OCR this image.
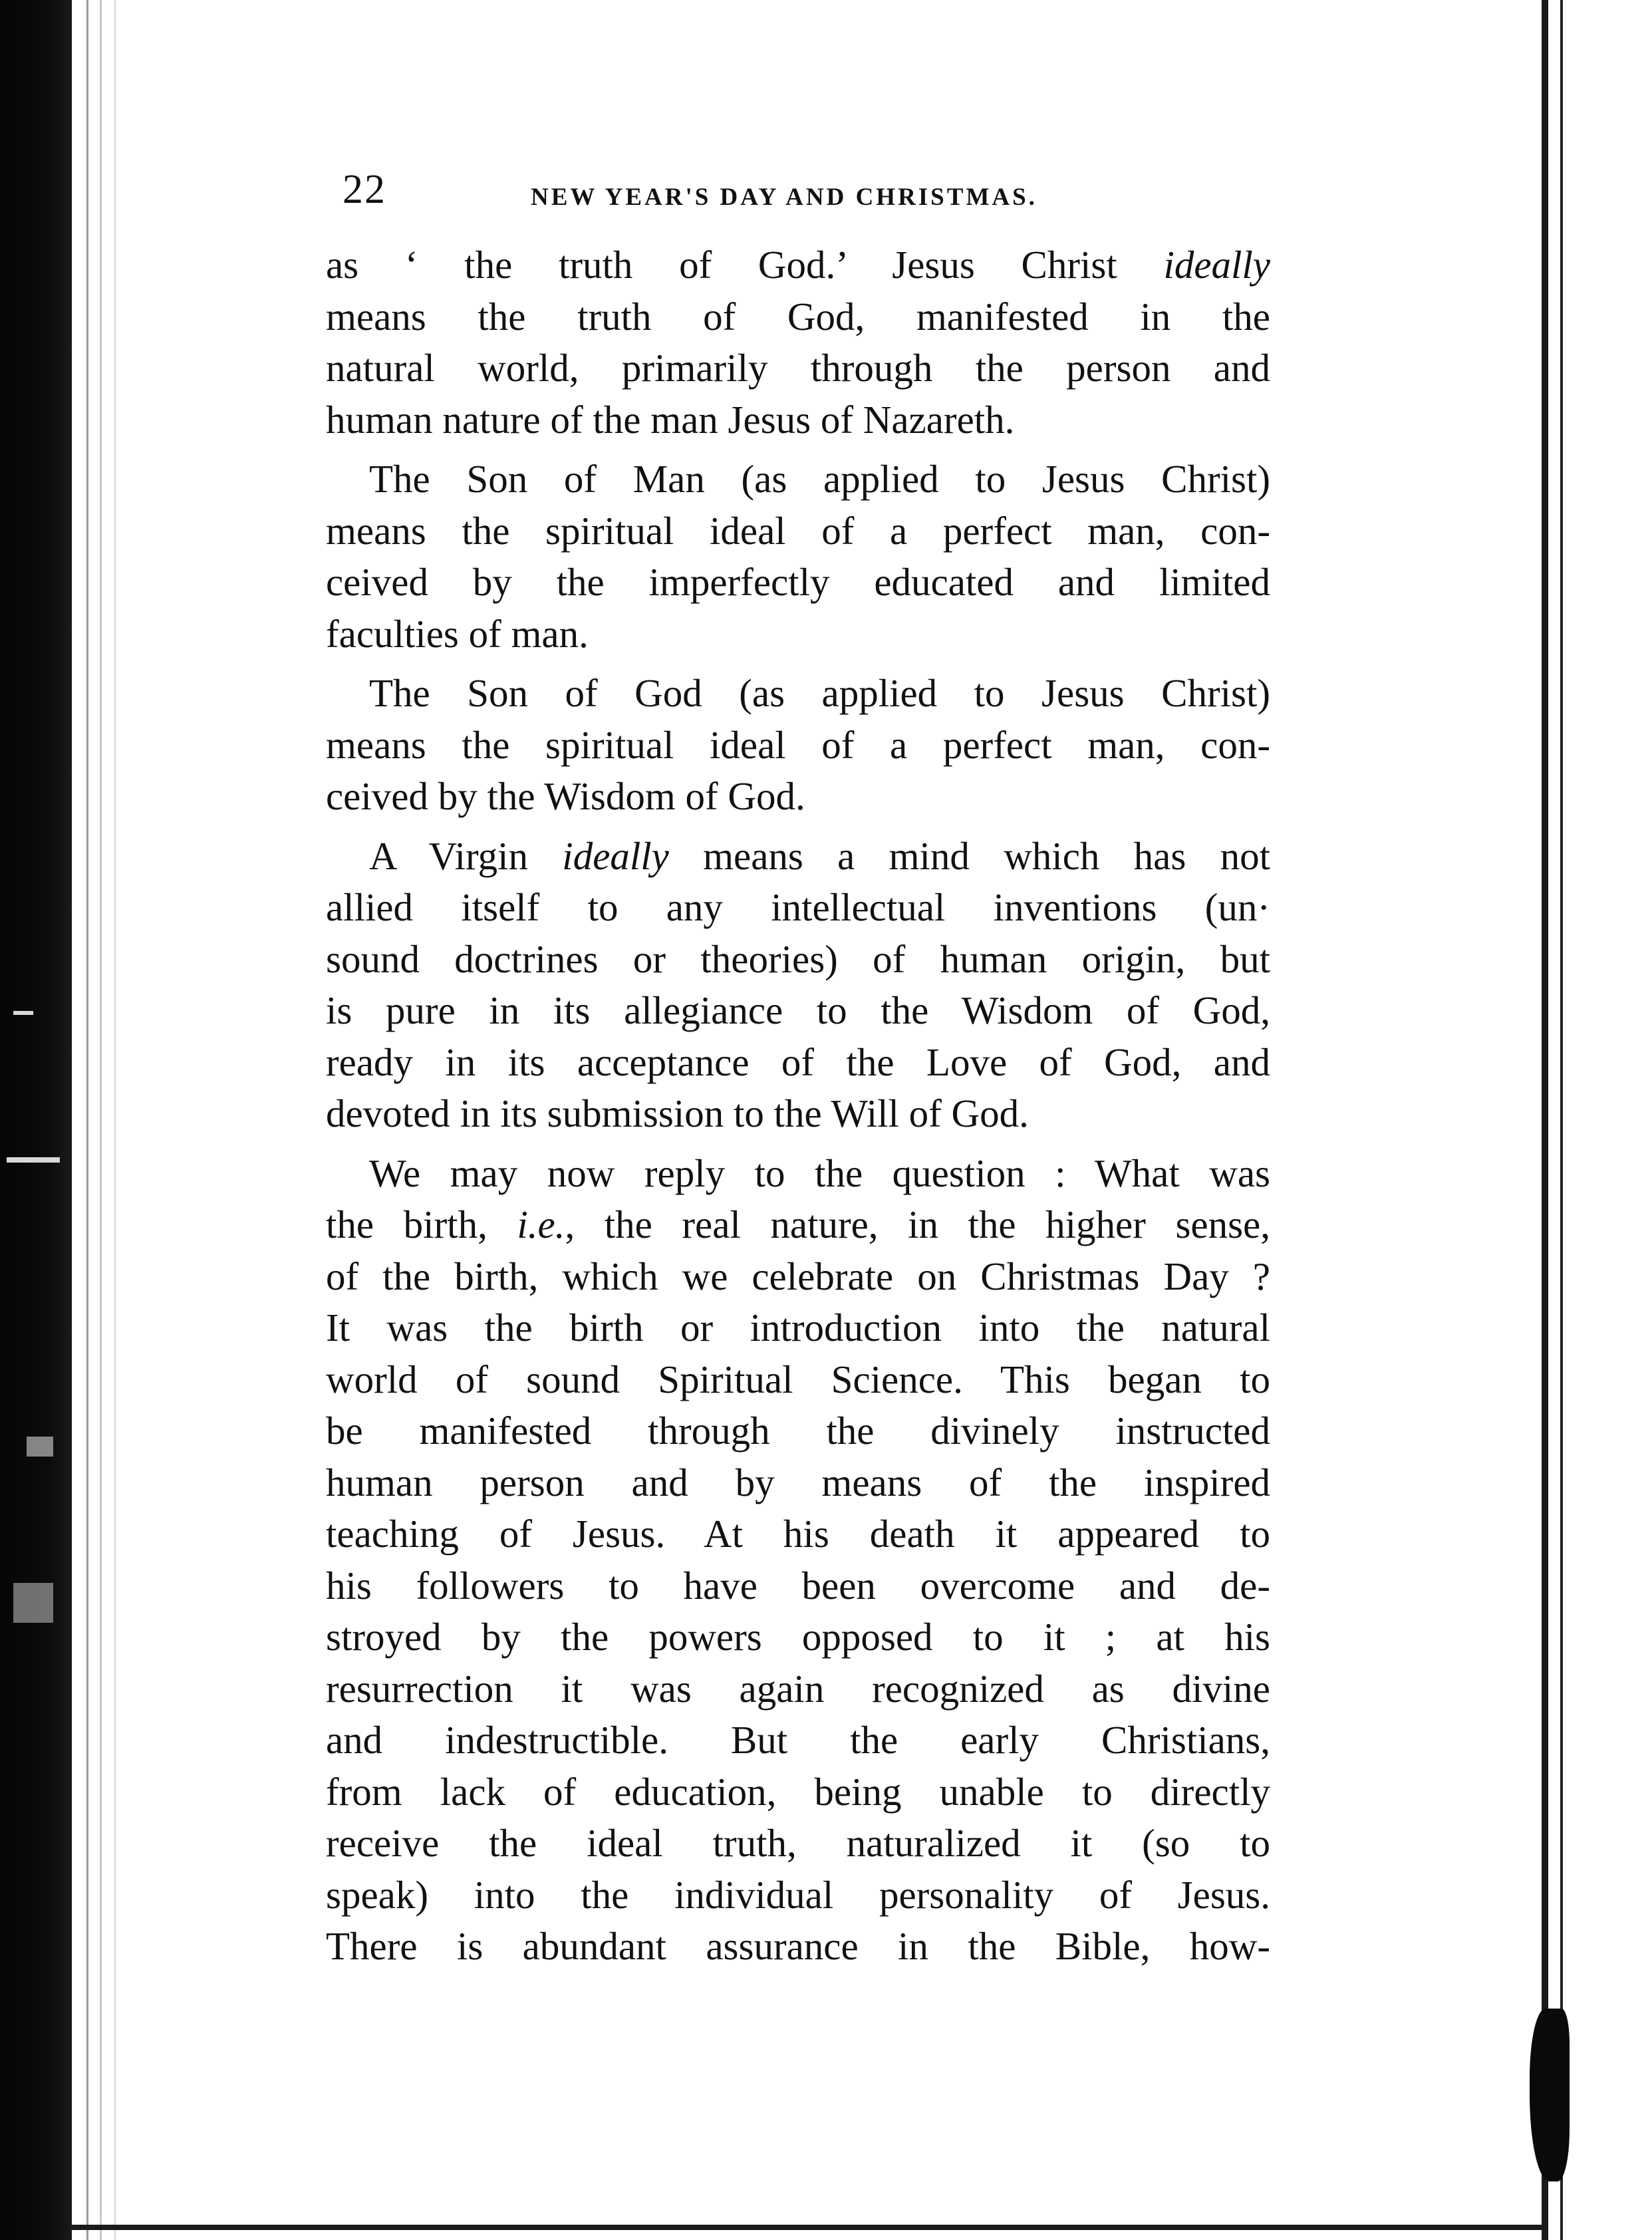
22	NEW YEAR'S DAY AND CHRISTMAS.
as ‘ the truth of God.’ Jesus Christ ideally
means the truth of God, manifested in the
natural world, primarily through the person and
human nature of the man Jesus of Nazareth.
The Son of Man (as applied to Jesus Christ)
means the spiritual ideal of a perfect man, con-
ceived by the imperfectly educated and limited
faculties of man.
The Son of God (as applied to Jesus Christ)
means the spiritual ideal of a perfect man, con-
ceived by the Wisdom of God.
A Virgin ideally means a mind which has not
allied itself to any intellectual inventions (un·
sound doctrines or theories) of human origin, but
is pure in its allegiance to the Wisdom of God,
ready in its acceptance of the Love of God, and
devoted in its submission to the Will of God.
We may now reply to the question : What was
the birth, i.e., the real nature, in the higher sense,
of the birth, which we celebrate on Christmas Day ?
It was the birth or introduction into the natural
world of sound Spiritual Science. This began to
be manifested through the divinely instructed
human person and by means of the inspired
teaching of Jesus. At his death it appeared to
his followers to have been overcome and de-
stroyed by the powers opposed to it ; at his
resurrection it was again recognized as divine
and indestructible. But the early Christians,
from lack of education, being unable to directly
receive the ideal truth, naturalized it (so to
speak) into the individual personality of Jesus.
There is abundant assurance in the Bible, how-
